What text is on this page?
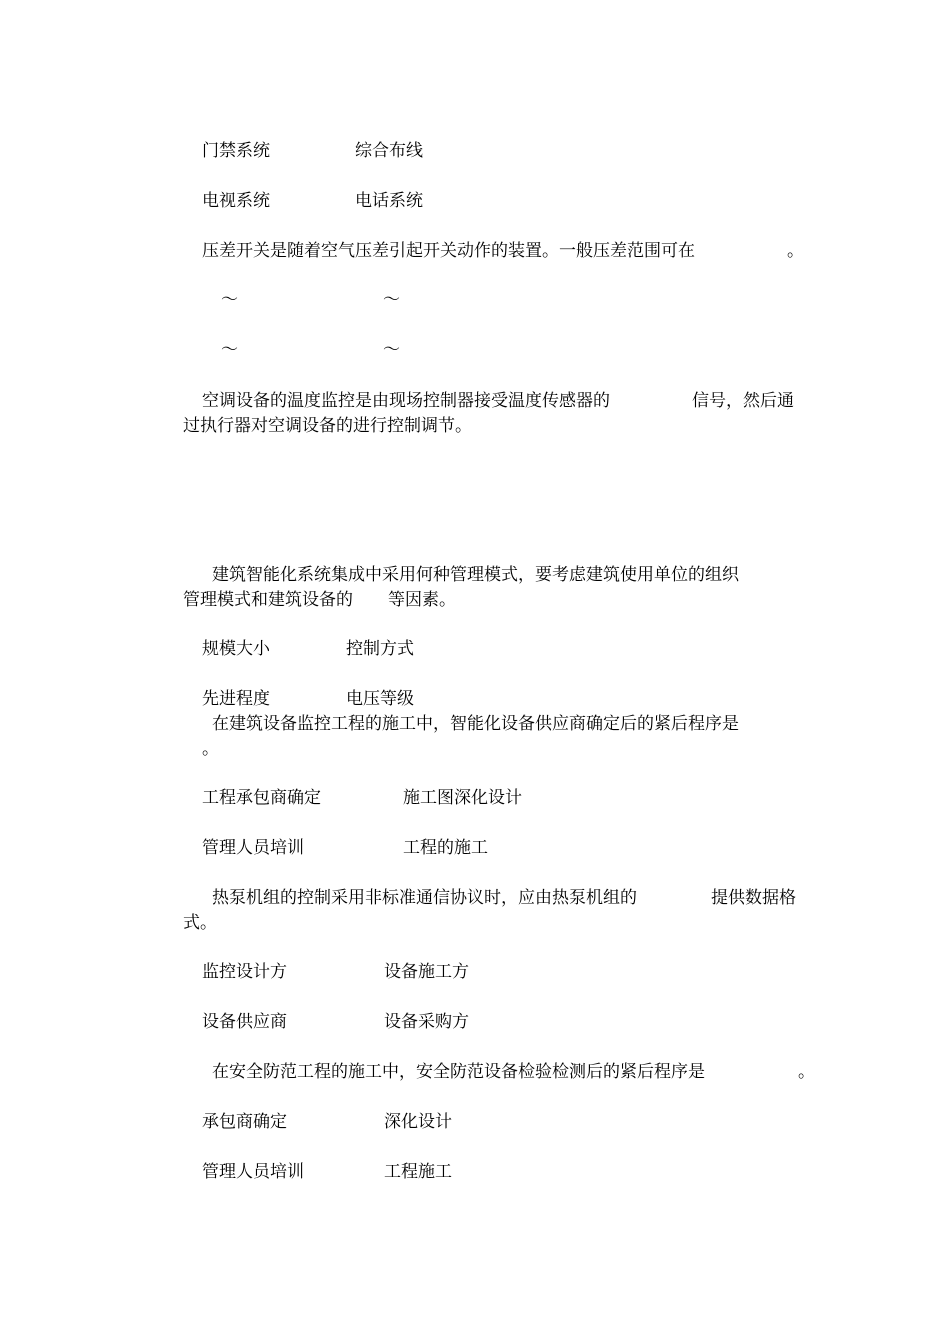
门禁系统	综合布线
电视系统	电话系统
压差开关是随着空气压差引起开关动作的装置。一般压差范围可在	。
～	～
～	～
空调设备的温度监控是由现场控制器接受温度传感器的	信号，然后通
过执行器对空调设备的进行控制调节。
建筑智能化系统集成中采用何种管理模式，要考虑建筑使用单位的组织
管理模式和建筑设备的 等因素。
规模大小	控制方式
先进程度	电压等级
在建筑设备监控工程的施工中，智能化设备供应商确定后的紧后程序是
。
工程承包商确定	施工图深化设计
管理人员培训	工程的施工
热泵机组的控制采用非标准通信协议时，应由热泵机组的	提供数据格
式。
监控设计方	设备施工方
设备供应商	设备采购方
在安全防范工程的施工中，安全防范设备检验检测后的紧后程序是	。
承包商确定	深化设计
管理人员培训	工程施工
